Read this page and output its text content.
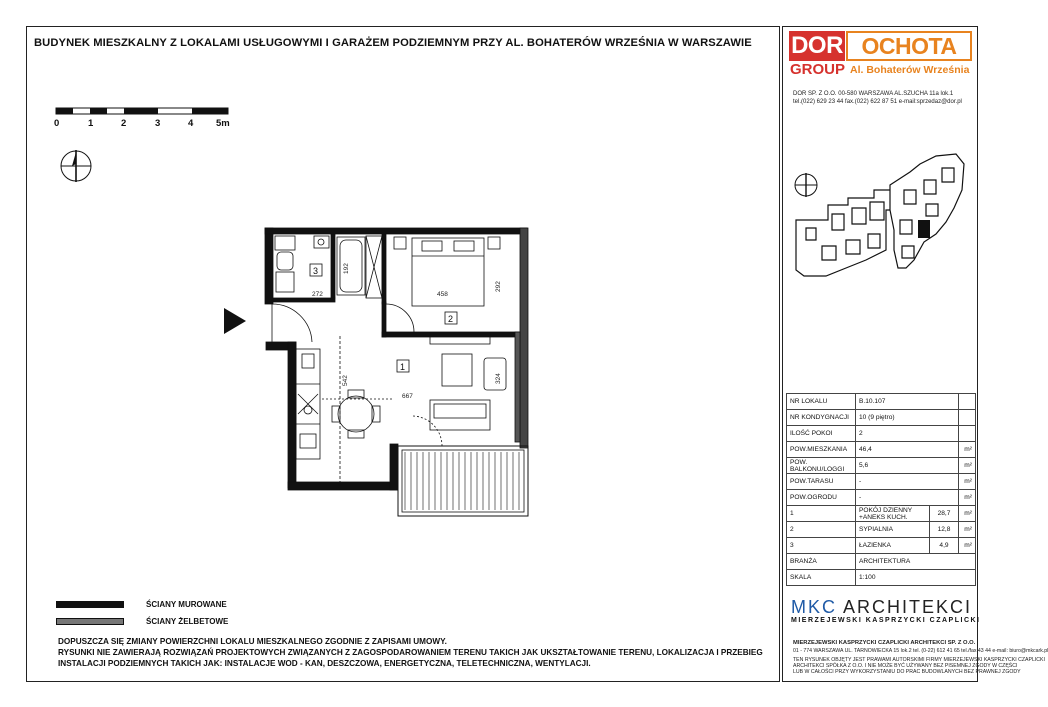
BUDYNEK MIESZKALNY Z LOKALAMI USŁUGOWYMI I GARAŻEM PODZIEMNYM PRZY AL. BOHATERÓW WRZEŚNIA W WARSZAWIE
0	1	2	3	4 5m
3
2
1
272
192
458
292
542
667
324
ŚCIANY MUROWANE
ŚCIANY ŻELBETOWE
DOPUSZCZA SIĘ ZMIANY POWIERZCHNI LOKALU MIESZKALNEGO ZGODNIE Z ZAPISAMI UMOWY.
RYSUNKI NIE ZAWIERAJĄ ROZWIĄZAŃ PROJEKTOWYCH ZWIĄZANYCH Z ZAGOSPODAROWANIEM TERENU TAKICH JAK UKSZTAŁTOWANIE TERENU, LOKALIZACJA I PRZEBIEG
INSTALACJI PODZIEMNYCH TAKICH JAK: INSTALACJE WOD - KAN, DESZCZOWA, ENERGETYCZNA, TELETECHNICZNA, WENTYLACJI.
DOR OCHOTA
GROUP Al. Bohaterów Września
DOR SP. Z O.O. 00-580 WARSZAWA AL.SZUCHA 11a lok.1
tel.(022) 629 23 44 fax.(022) 622 87 51 e-mail:sprzedaz@dor.pl
NR LOKALU	B.10.107		
NR KONDYGNACJI	10 (9 piętro)		
ILOŚĆ POKOI	2		
POW.MIESZKANIA	46,4		m²
POW. BALKONU/LOGGI	5,6		m²
POW.TARASU	-		m²
POW.OGRODU	-		m²
1	POKÓJ DZIENNY +ANEKS KUCH.	28,7	m²
2	SYPIALNIA	12,8	m²
3	ŁAZIENKA	4,9	m²
BRANŻA	ARCHITEKTURA		
SKALA	1:100		
MKC ARCHITEKCI
MIERZEJEWSKI KASPRZYCKI CZAPLICKI
MIERZEJEWSKI KASPRZYCKI CZAPLICKI ARCHITEKCI SP. Z O.O.
01 - 774 WARSZAWA UL. TARNOWIECKA 15 lok.2 tel. (0-22) 612 41 65 tel./fax 43 44 e-mail: biuro@mkcark.pl
TEN RYSUNEK OBJĘTY JEST PRAWAMI AUTORSKIMI FIRMY MIERZEJEWSKI KASPRZYCKI CZAPLICKI
ARCHITEKCI SPÓŁKA Z O.O. I NIE MOŻE BYĆ UŻYWANY BEZ PISEMNEJ ZGODY W CZĘŚCI
LUB W CAŁOŚCI PRZY WYKORZYSTANIU DO PRAC BUDOWLANYCH BEZ PRAWNEJ ZGODY
